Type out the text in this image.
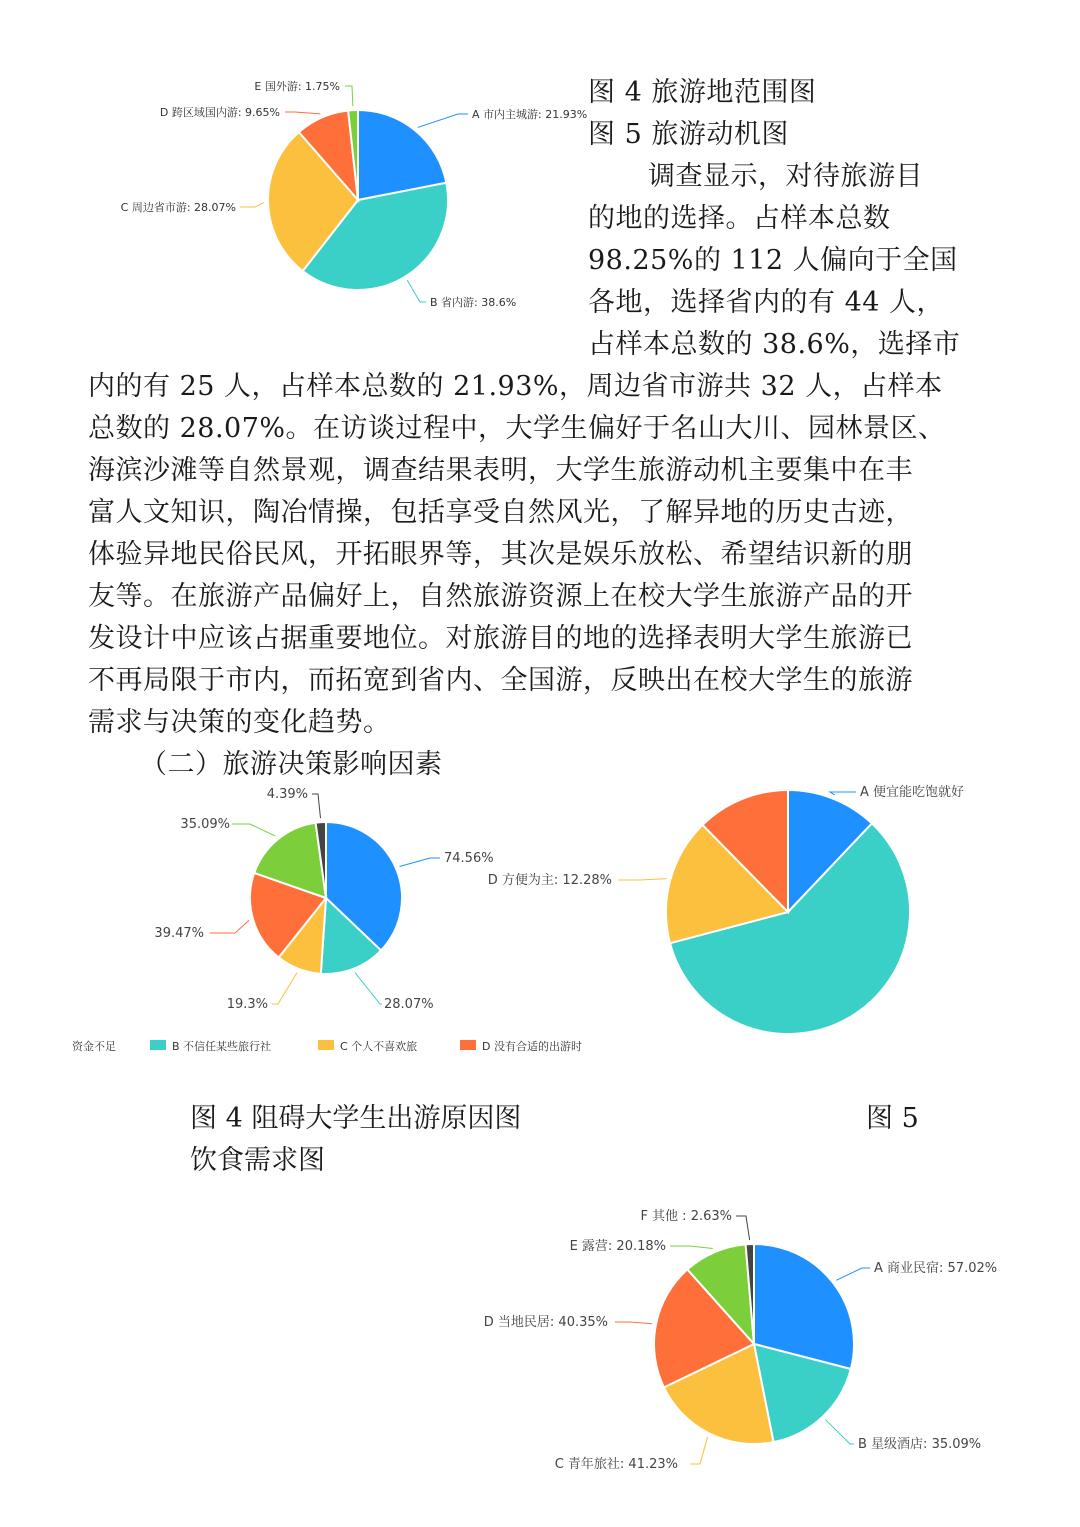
A 市内主城游: 21.93%
B 省内游: 38.6%
C 周边省市游: 28.07%
D 跨区域国内游: 9.65%
E 国外游: 1.75%	图 4 旅游地范围图
图 5 旅游动机图
调查显示，对待旅游目
的地的选择。占样本总数
98.25%的 112 人偏向于全国
各地，选择省内的有 44 人，
占样本总数的 38.6%，选择市
内的有 25 人，占样本总数的 21.93%，周边省市游共 32 人，占样本
总数的 28.07%。在访谈过程中，大学生偏好于名山大川、园林景区、
海滨沙滩等自然景观，调查结果表明，大学生旅游动机主要集中在丰
富人文知识，陶冶情操，包括享受自然风光，了解异地的历史古迹，
体验异地民俗民风，开拓眼界等，其次是娱乐放松、希望结识新的朋
友等。在旅游产品偏好上，自然旅游资源上在校大学生旅游产品的开
发设计中应该占据重要地位。对旅游目的地的选择表明大学生旅游已
不再局限于市内，而拓宽到省内、全国游，反映出在校大学生的旅游
需求与决策的变化趋势。
（二）旅游决策影响因素
74.56%
28.07%
19.3%
39.47%
35.09%
4.39%
资金不足	B 不信任某些旅行社	C 个人不喜欢旅	D 没有合适的出游时
A 便宜能吃饱就好
D 方便为主: 12.28%
图 4 阻碍大学生出游原因图	图 5
饮食需求图
A 商业民宿: 57.02%
B 星级酒店: 35.09%
C 青年旅社: 41.23%
D 当地民居: 40.35%
E 露营: 20.18%
F 其他 : 2.63%
